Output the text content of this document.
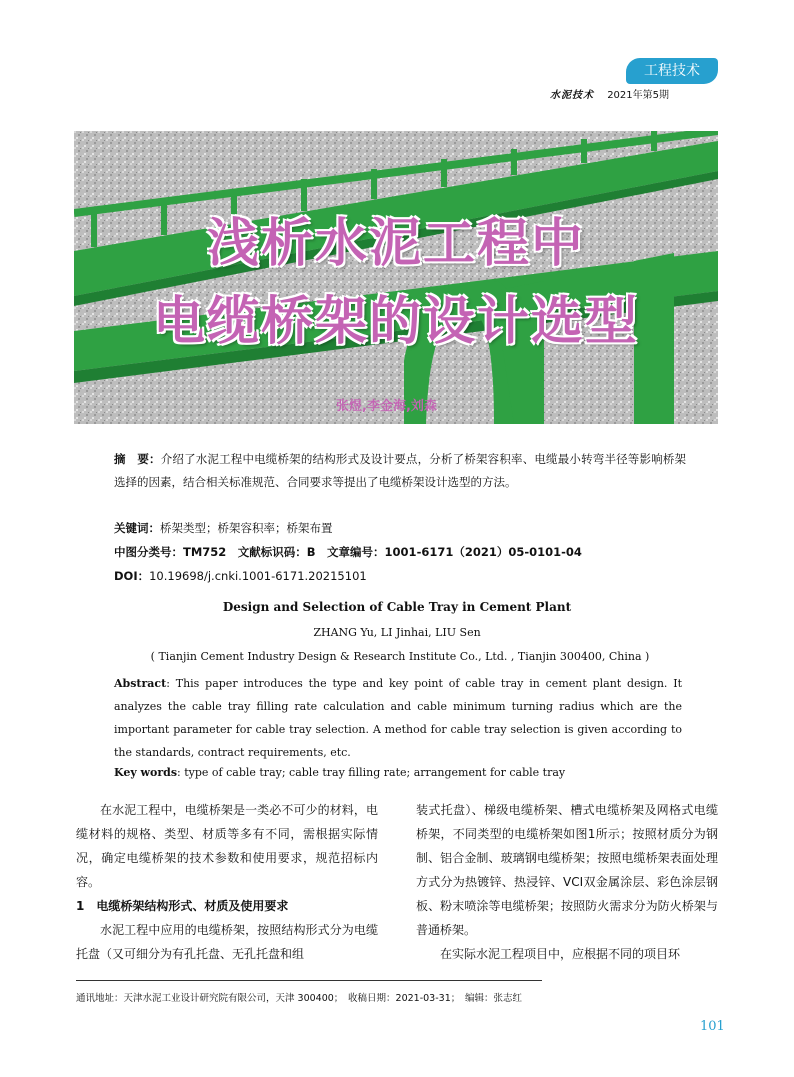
工程技术
水泥技术 2021年第5期
浅析水泥工程中
电缆桥架的设计选型
张煜,李金海,刘森
摘　要：介绍了水泥工程中电缆桥架的结构形式及设计要点，分析了桥架容积率、电缆最小转弯半径等影响桥架选择的因素，结合相关标准规范、合同要求等提出了电缆桥架设计选型的方法。
关键词：桥架类型；桥架容积率；桥架布置
中图分类号：TM752　文献标识码：B　文章编号：1001-6171（2021）05-0101-04
DOI：10.19698/j.cnki.1001-6171.20215101
Design and Selection of Cable Tray in Cement Plant
ZHANG Yu, LI Jinhai, LIU Sen
( Tianjin Cement Industry Design & Research Institute Co., Ltd. , Tianjin 300400, China )
Abstract: This paper introduces the type and key point of cable tray in cement plant design. It analyzes the cable tray filling rate calculation and cable minimum turning radius which are the important parameter for cable tray selection. A method for cable tray selection is given according to the standards, contract requirements, etc.
Key words: type of cable tray; cable tray filling rate; arrangement for cable tray

在水泥工程中，电缆桥架是一类必不可少的材料，电缆材料的规格、类型、材质等多有不同，需根据实际情况，确定电缆桥架的技术参数和使用要求，规范招标内容。

1　电缆桥架结构形式、材质及使用要求

水泥工程中应用的电缆桥架，按照结构形式分为电缆托盘（又可细分为有孔托盘、无孔托盘和组

装式托盘）、梯级电缆桥架、槽式电缆桥架及网格式电缆桥架，不同类型的电缆桥架如图1所示；按照材质分为钢制、铝合金制、玻璃钢电缆桥架；按照电缆桥架表面处理方式分为热镀锌、热浸锌、VCI双金属涂层、彩色涂层钢板、粉末喷涂等电缆桥架；按照防火需求分为防火桥架与普通桥架。

在实际水泥工程项目中，应根据不同的项目环

通讯地址：天津水泥工业设计研究院有限公司，天津 300400；　收稿日期：2021-03-31；　编辑：张志红
101
